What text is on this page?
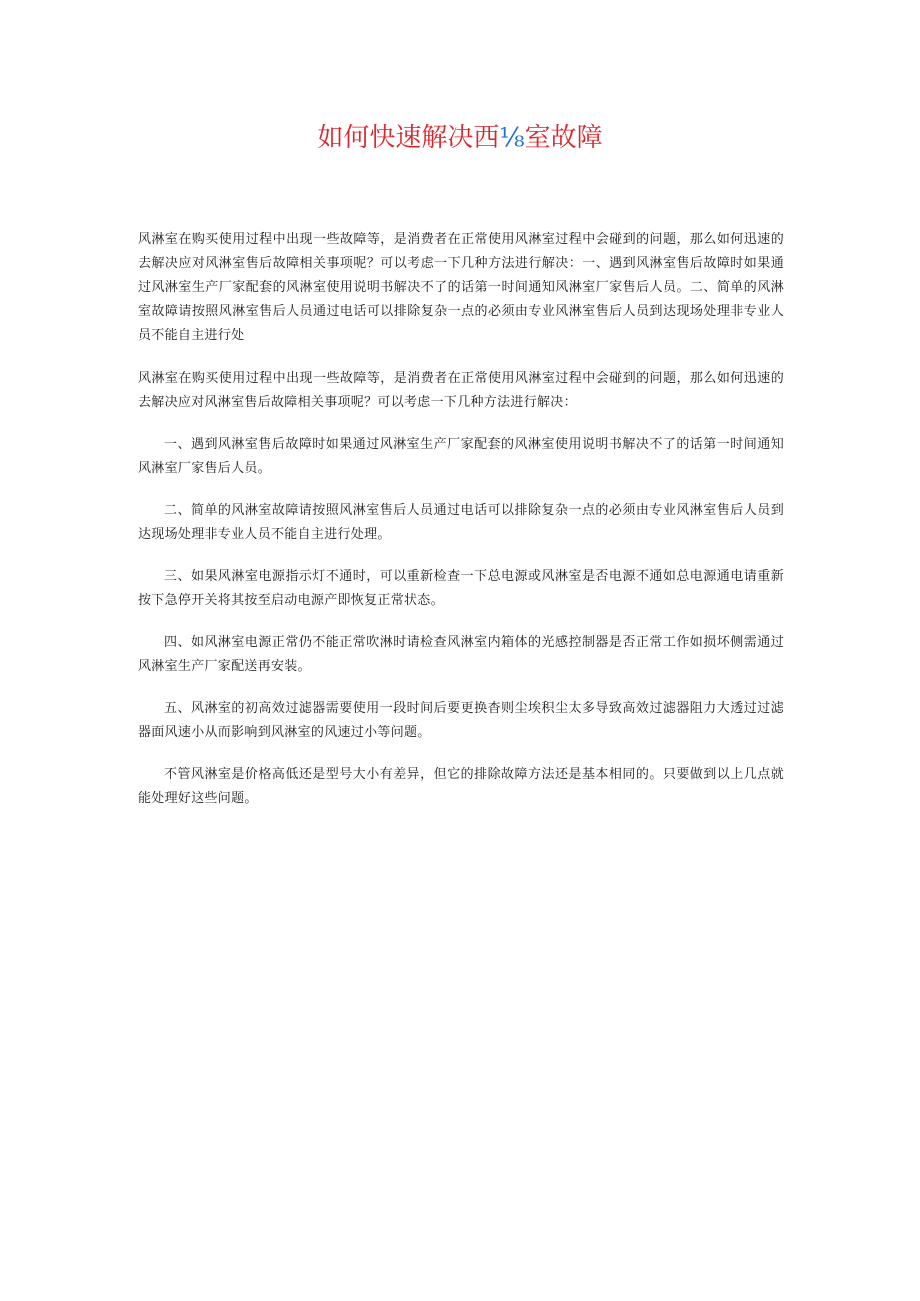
如何快速解决西⅛室故障

风淋室在购买使用过程中出现一些故障等，是消费者在正常使用风淋室过程中会碰到的问题，那么如何迅速的去解决应对风淋室售后故障相关事项呢？可以考虑一下几种方法进行解决：一、遇到风淋室售后故障时如果通过风淋室生产厂家配套的风淋室使用说明书解决不了的话第一时间通知风淋室厂家售后人员。二、简单的风淋室故障请按照风淋室售后人员通过电话可以排除复杂一点的必须由专业风淋室售后人员到达现场处理非专业人员不能自主进行处

风淋室在购买使用过程中出现一些故障等，是消费者在正常使用风淋室过程中会碰到的问题，那么如何迅速的去解决应对风淋室售后故障相关事项呢？可以考虑一下几种方法进行解决：

一、遇到风淋室售后故障时如果通过风淋室生产厂家配套的风淋室使用说明书解决不了的话第一时间通知风淋室厂家售后人员。

二、简单的风淋室故障请按照风淋室售后人员通过电话可以排除复杂一点的必须由专业风淋室售后人员到达现场处理非专业人员不能自主进行处理。

三、如果风淋室电源指示灯不通时，可以重新检查一下总电源或风淋室是否电源不通如总电源通电请重新按下急停开关将其按至启动电源产即恢复正常状态。

四、如风淋室电源正常仍不能正常吹淋时请检查风淋室内箱体的光感控制器是否正常工作如损坏侧需通过风淋室生产厂家配送再安装。

五、风淋室的初高效过滤器需要使用一段时间后要更换杳则尘埃积尘太多导致高效过滤器阻力大透过过滤器面风速小从而影响到风淋室的风速过小等问题。

不管风淋室是价格高低还是型号大小有差异，但它的排除故障方法还是基本相同的。只要做到以上几点就能处理好这些问题。
